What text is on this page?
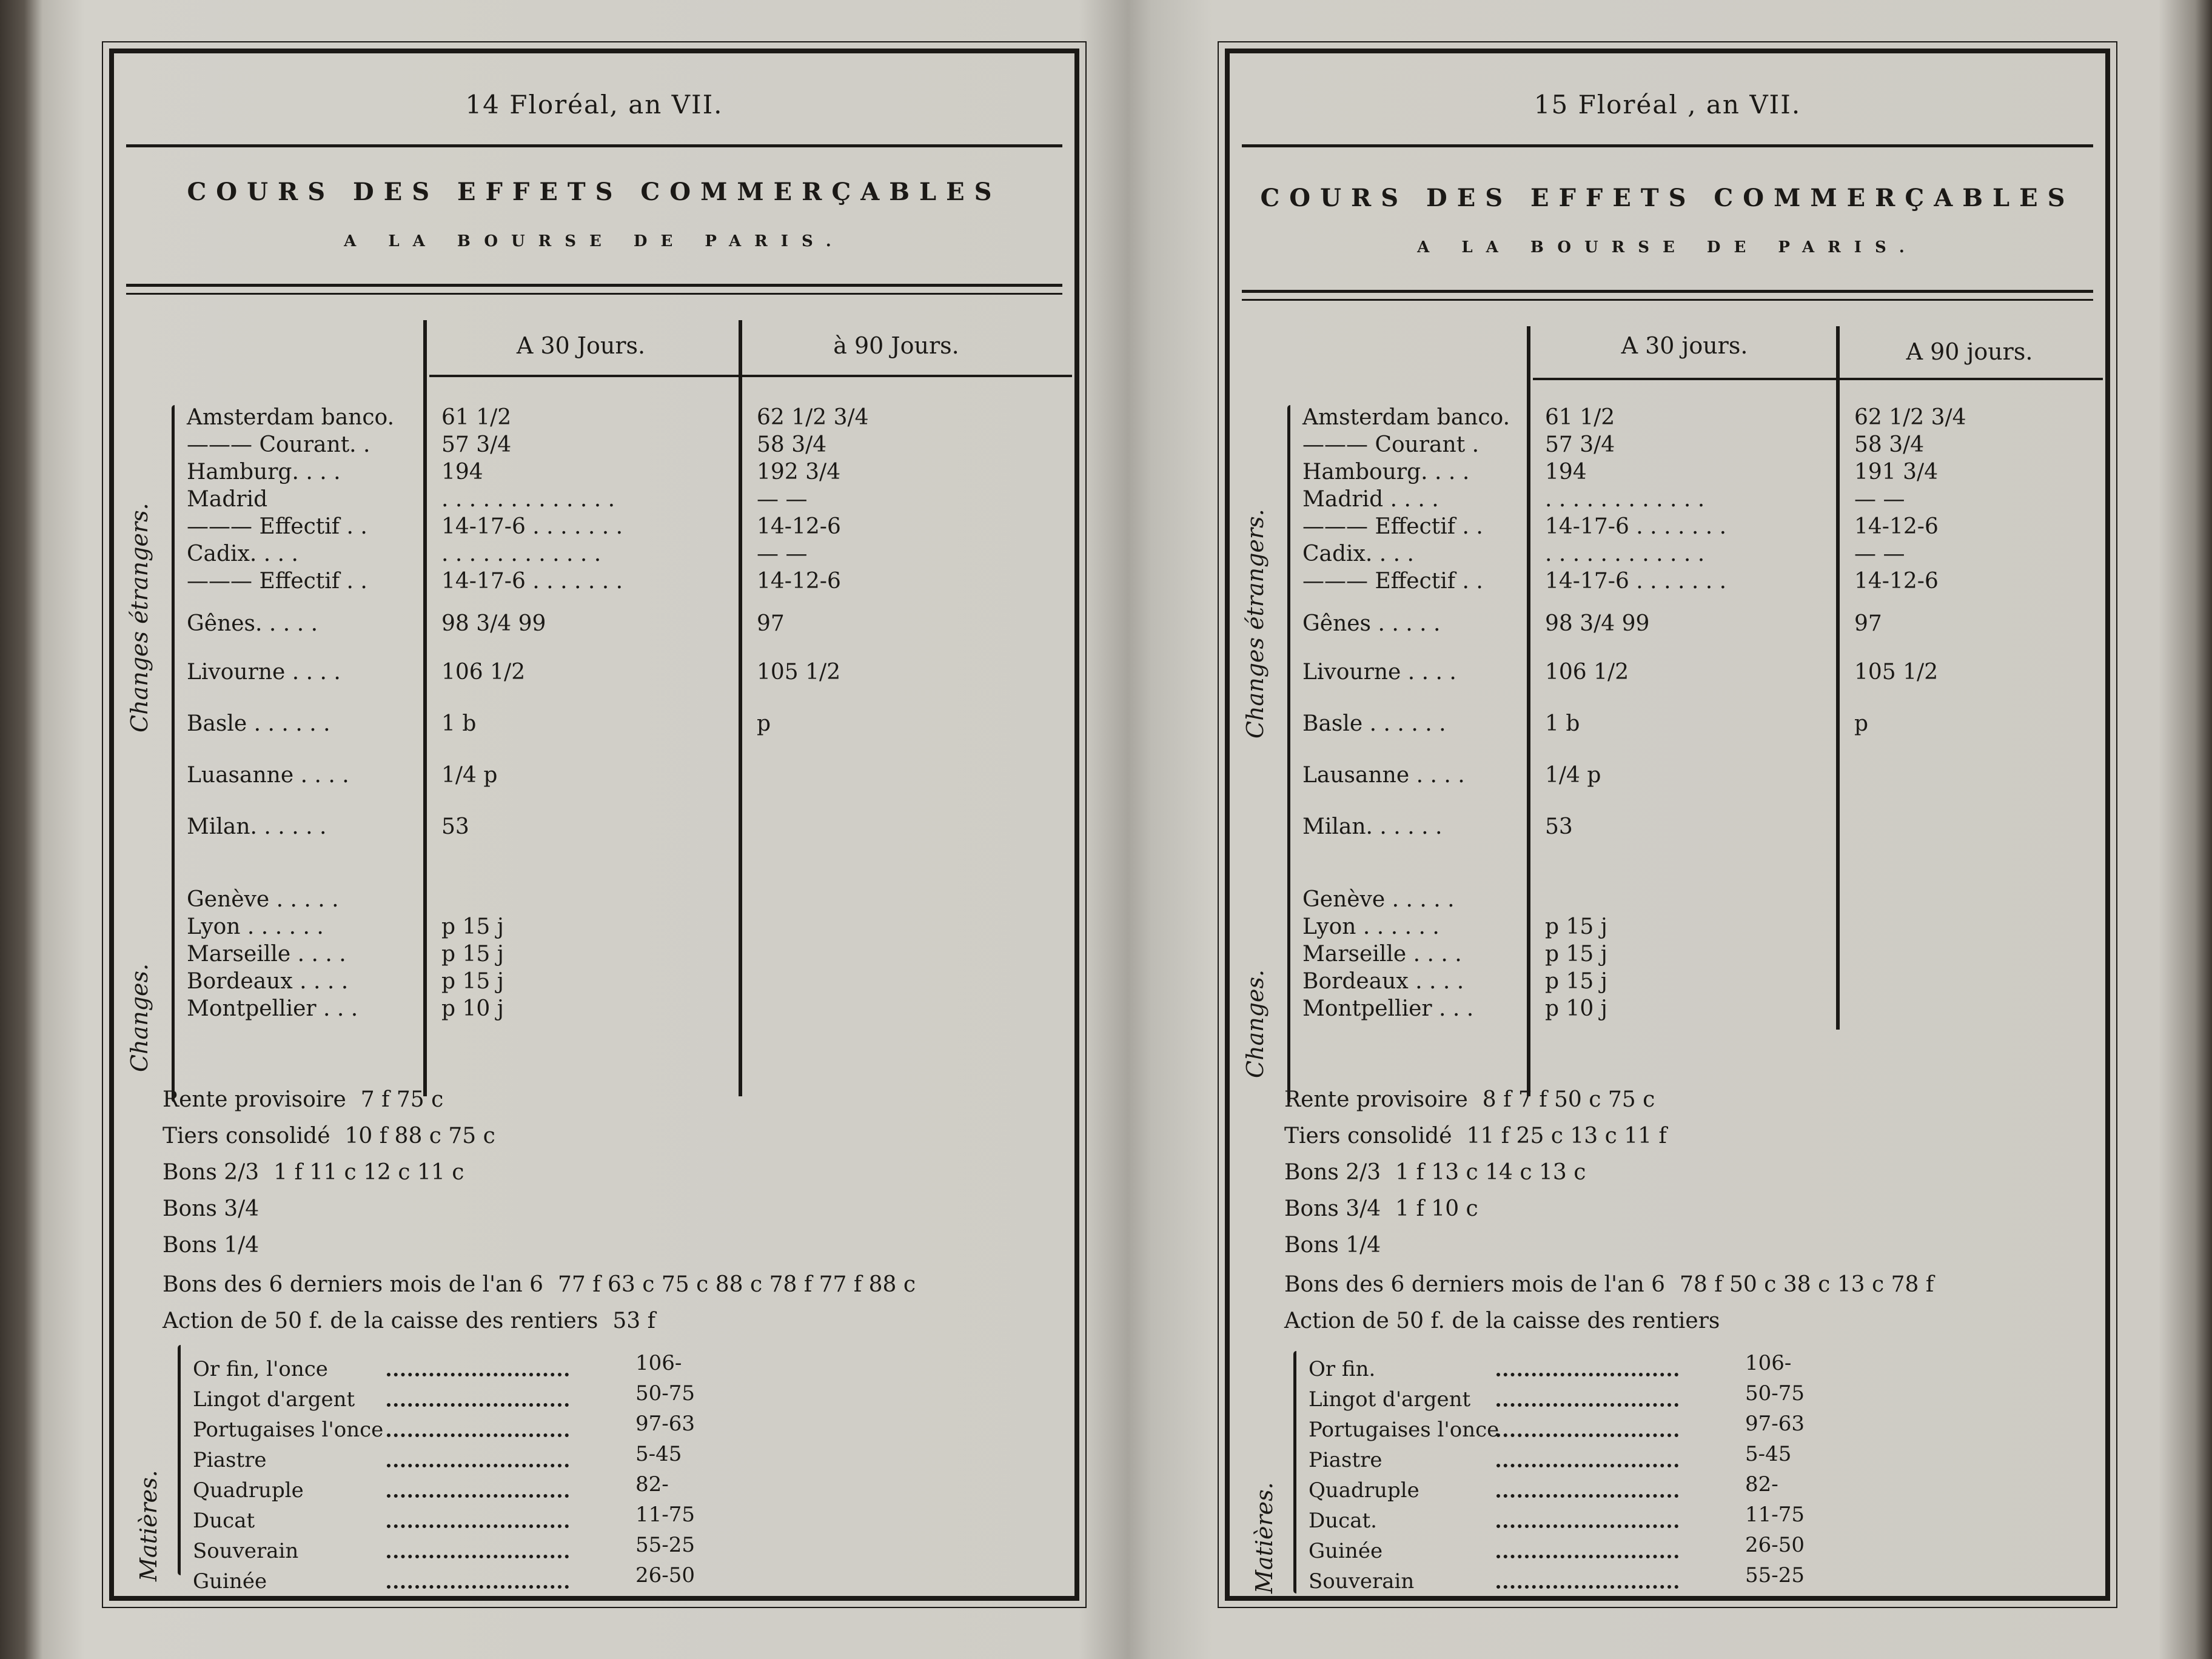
14 Floréal, an VII.
COURS DES EFFETS COMMERÇABLES
A LA BOURSE DE PARIS.
A 30 Jours.	à 90 Jours.
Changes étrangers.
Amsterdam banco. 61 1/2	62 1/2 3/4
——— Courant. .	57 3/4	58 3/4
Hamburg. . . .	194	192 3/4
Madrid	. . . . . . . . . . . . .	— —
——— Effectif . .	14-17-6 . . . . . . .	14-12-6
Cadix. . . .	. . . . . . . . . . . .	— —
——— Effectif . .	14-17-6 . . . . . . .	14-12-6
Gênes. . . . .	98 3/4 99	97
Livourne . . . .	106 1/2	105 1/2
Basle . . . . . .	1 b	p
Luasanne . . . .	1/4 p
Milan. . . . . .	53
Changes.
Genève . . . . .
Lyon . . . . . .	p 15 j
Marseille . . . .	p 15 j
Bordeaux . . . .	p 15 j
Montpellier . . .	p 10 j
Rente provisoire 7 f 75 c
Tiers consolidé 10 f 88 c 75 c
Bons 2/3 1 f 11 c 12 c 11 c
Bons 3/4
Bons 1/4
Bons des 6 derniers mois de l'an 6 77 f 63 c 75 c 88 c 78 f 77 f 88 c
Action de 50 f. de la caisse des rentiers 53 f
Matières.
Or fin, l'once	106-
Lingot d'argent	50-75
Portugaises l'once	97-63
Piastre	5-45
Quadruple	82-
Ducat	11-75
Souverain	55-25
Guinée	26-50
15 Floréal , an VII.
COURS DES EFFETS COMMERÇABLES
A LA BOURSE DE PARIS.
A 30 jours.	A 90 jours.
Changes étrangers.
Amsterdam banco. 61 1/2	62 1/2 3/4
——— Courant .	57 3/4	58 3/4
Hambourg. . . .	194	191 3/4
Madrid . . . .	. . . . . . . . . . . .	— —
——— Effectif . .	14-17-6 . . . . . . .	14-12-6
Cadix. . . .	. . . . . . . . . . . .	— —
——— Effectif . .	14-17-6 . . . . . . .	14-12-6
Gênes . . . . .	98 3/4 99	97
Livourne . . . .	106 1/2	105 1/2
Basle . . . . . .	1 b	p
Lausanne . . . .	1/4 p
Milan. . . . . .	53
Changes.
Genève . . . . .
Lyon . . . . . .	p 15 j
Marseille . . . .	p 15 j
Bordeaux . . . .	p 15 j
Montpellier . . .	p 10 j
Rente provisoire 8 f 7 f 50 c 75 c
Tiers consolidé 11 f 25 c 13 c 11 f
Bons 2/3 1 f 13 c 14 c 13 c
Bons 3/4 1 f 10 c
Bons 1/4
Bons des 6 derniers mois de l'an 6 78 f 50 c 38 c 13 c 78 f
Action de 50 f. de la caisse des rentiers
Matières.
Or fin.	106-
Lingot d'argent	50-75
Portugaises l'once	97-63
Piastre	5-45
Quadruple	82-
Ducat.	11-75
Guinée	26-50
Souverain	55-25
